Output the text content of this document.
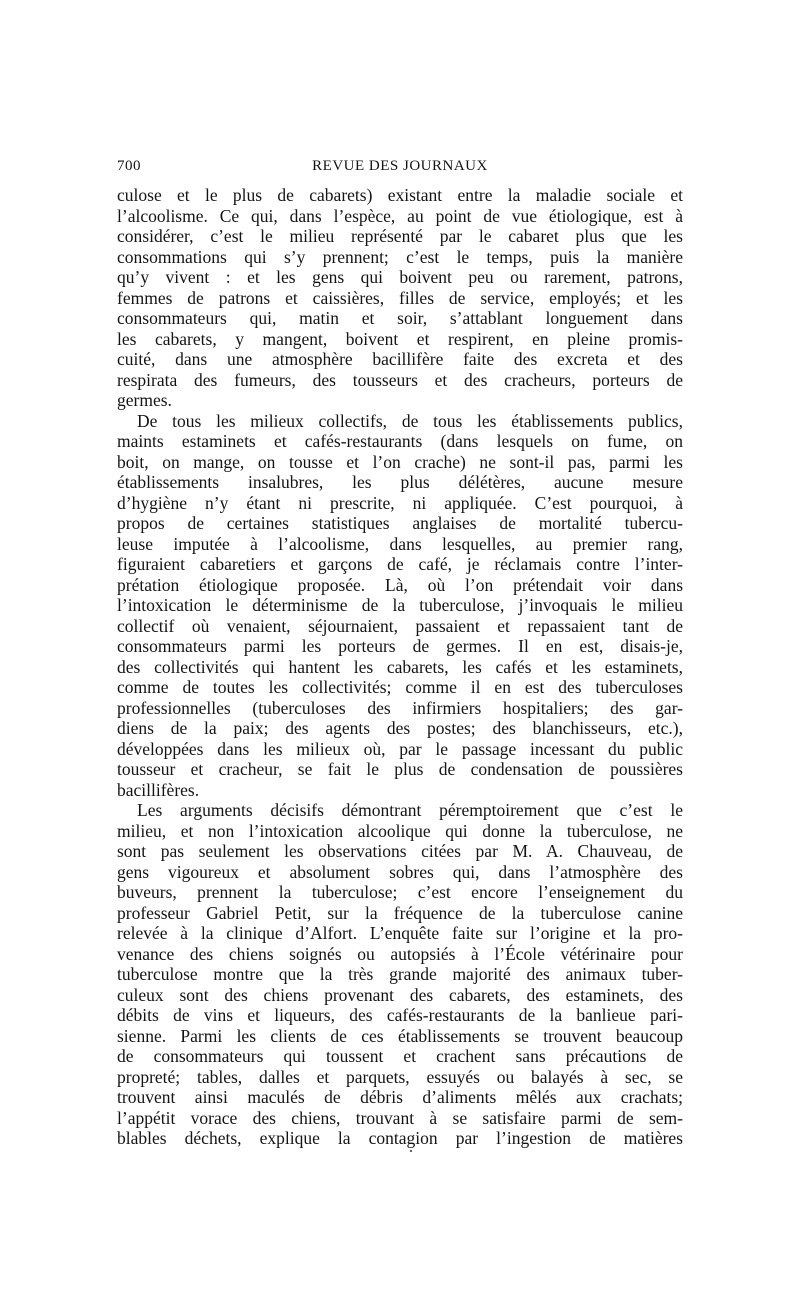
700	REVUE DES JOURNAUX
culose et le plus de cabarets) existant entre la maladie sociale et
l’alcoolisme. Ce qui, dans l’espèce, au point de vue étiologique, est à
considérer, c’est le milieu représenté par le cabaret plus que les
consommations qui s’y prennent; c’est le temps, puis la manière
qu’y vivent : et les gens qui boivent peu ou rarement, patrons,
femmes de patrons et caissières, filles de service, employés; et les
consommateurs qui, matin et soir, s’attablant longuement dans
les cabarets, y mangent, boivent et respirent, en pleine promis-
cuité, dans une atmosphère bacillifère faite des excreta et des
respirata des fumeurs, des tousseurs et des cracheurs, porteurs de
germes.
De tous les milieux collectifs, de tous les établissements publics,
maints estaminets et cafés-restaurants (dans lesquels on fume, on
boit, on mange, on tousse et l’on crache) ne sont-il pas, parmi les
établissements insalubres, les plus délétères, aucune mesure
d’hygiène n’y étant ni prescrite, ni appliquée. C’est pourquoi, à
propos de certaines statistiques anglaises de mortalité tubercu-
leuse imputée à l’alcoolisme, dans lesquelles, au premier rang,
figuraient cabaretiers et garçons de café, je réclamais contre l’inter-
prétation étiologique proposée. Là, où l’on prétendait voir dans
l’intoxication le déterminisme de la tuberculose, j’invoquais le milieu
collectif où venaient, séjournaient, passaient et repassaient tant de
consommateurs parmi les porteurs de germes. Il en est, disais-je,
des collectivités qui hantent les cabarets, les cafés et les estaminets,
comme de toutes les collectivités; comme il en est des tuberculoses
professionnelles (tuberculoses des infirmiers hospitaliers; des gar-
diens de la paix; des agents des postes; des blanchisseurs, etc.),
développées dans les milieux où, par le passage incessant du public
tousseur et cracheur, se fait le plus de condensation de poussières
bacillifères.
Les arguments décisifs démontrant péremptoirement que c’est le
milieu, et non l’intoxication alcoolique qui donne la tuberculose, ne
sont pas seulement les observations citées par M. A. Chauveau, de
gens vigoureux et absolument sobres qui, dans l’atmosphère des
buveurs, prennent la tuberculose; c’est encore l’enseignement du
professeur Gabriel Petit, sur la fréquence de la tuberculose canine
relevée à la clinique d’Alfort. L’enquête faite sur l’origine et la pro-
venance des chiens soignés ou autopsiés à l’École vétérinaire pour
tuberculose montre que la très grande majorité des animaux tuber-
culeux sont des chiens provenant des cabarets, des estaminets, des
débits de vins et liqueurs, des cafés-restaurants de la banlieue pari-
sienne. Parmi les clients de ces établissements se trouvent beaucoup
de consommateurs qui toussent et crachent sans précautions de
propreté; tables, dalles et parquets, essuyés ou balayés à sec, se
trouvent ainsi maculés de débris d’aliments mêlés aux crachats;
l’appétit vorace des chiens, trouvant à se satisfaire parmi de sem-
blables déchets, explique la contagion par l’ingestion de matières
